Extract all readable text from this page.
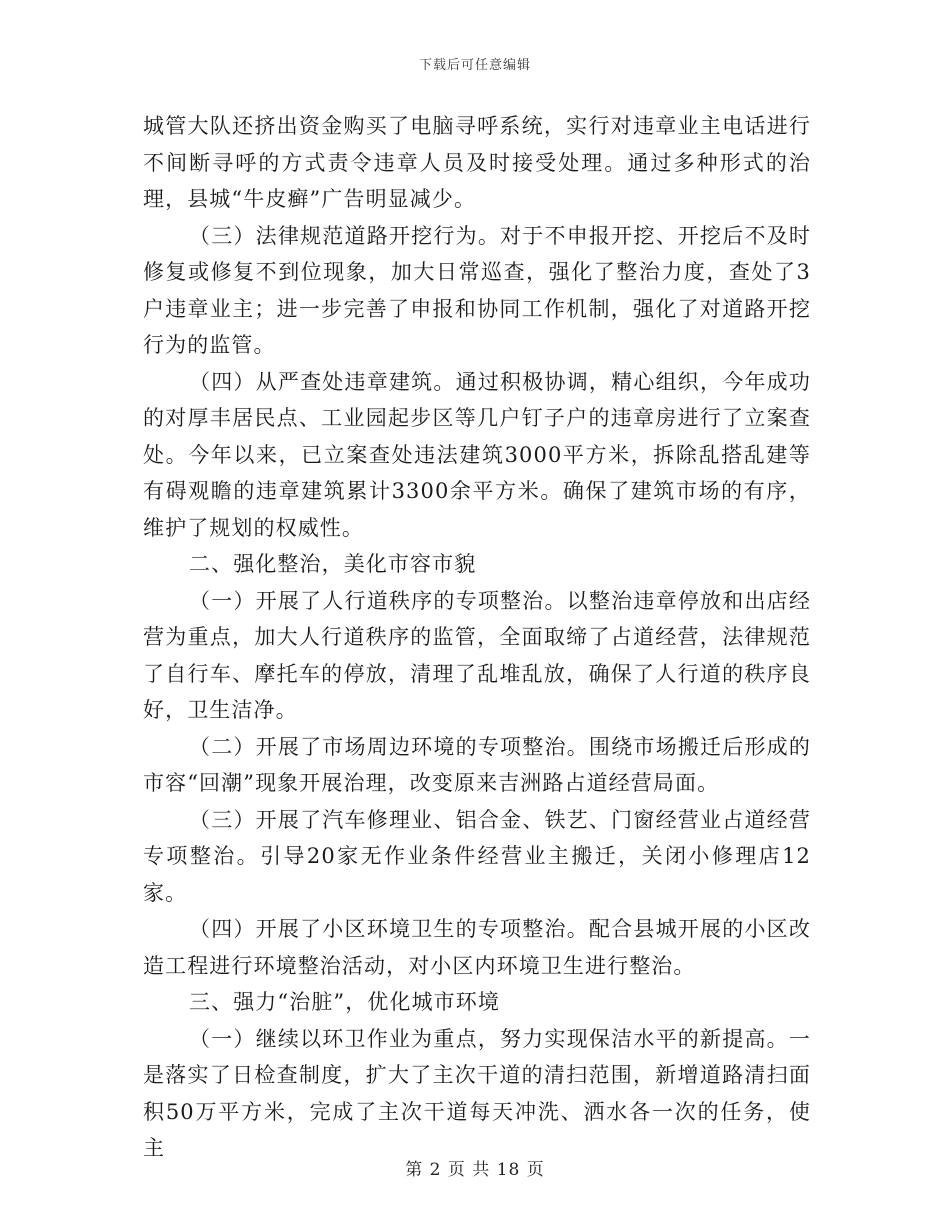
下载后可任意编辑

城管大队还挤出资金购买了电脑寻呼系统，实行对违章业主电话进行不间断寻呼的方式责令违章人员及时接受处理。通过多种形式的治理，县城“牛皮癣”广告明显减少。

（三）法律规范道路开挖行为。对于不申报开挖、开挖后不及时修复或修复不到位现象，加大日常巡查，强化了整治力度，查处了3户违章业主；进一步完善了申报和协同工作机制，强化了对道路开挖行为的监管。

（四）从严查处违章建筑。通过积极协调，精心组织，今年成功的对厚丰居民点、工业园起步区等几户钉子户的违章房进行了立案查处。今年以来，已立案查处违法建筑3000平方米，拆除乱搭乱建等有碍观瞻的违章建筑累计3300余平方米。确保了建筑市场的有序，维护了规划的权威性。

二、强化整治，美化市容市貌

（一）开展了人行道秩序的专项整治。以整治违章停放和出店经营为重点，加大人行道秩序的监管，全面取缔了占道经营，法律规范了自行车、摩托车的停放，清理了乱堆乱放，确保了人行道的秩序良好，卫生洁净。

（二）开展了市场周边环境的专项整治。围绕市场搬迁后形成的市容“回潮”现象开展治理，改变原来吉洲路占道经营局面。

（三）开展了汽车修理业、铝合金、铁艺、门窗经营业占道经营专项整治。引导20家无作业条件经营业主搬迁，关闭小修理店12家。

（四）开展了小区环境卫生的专项整治。配合县城开展的小区改造工程进行环境整治活动，对小区内环境卫生进行整治。

三、强力“治脏”，优化城市环境

（一）继续以环卫作业为重点，努力实现保洁水平的新提高。一是落实了日检查制度，扩大了主次干道的清扫范围，新增道路清扫面积50万平方米，完成了主次干道每天冲洗、洒水各一次的任务，使主

第 2 页 共 18 页
